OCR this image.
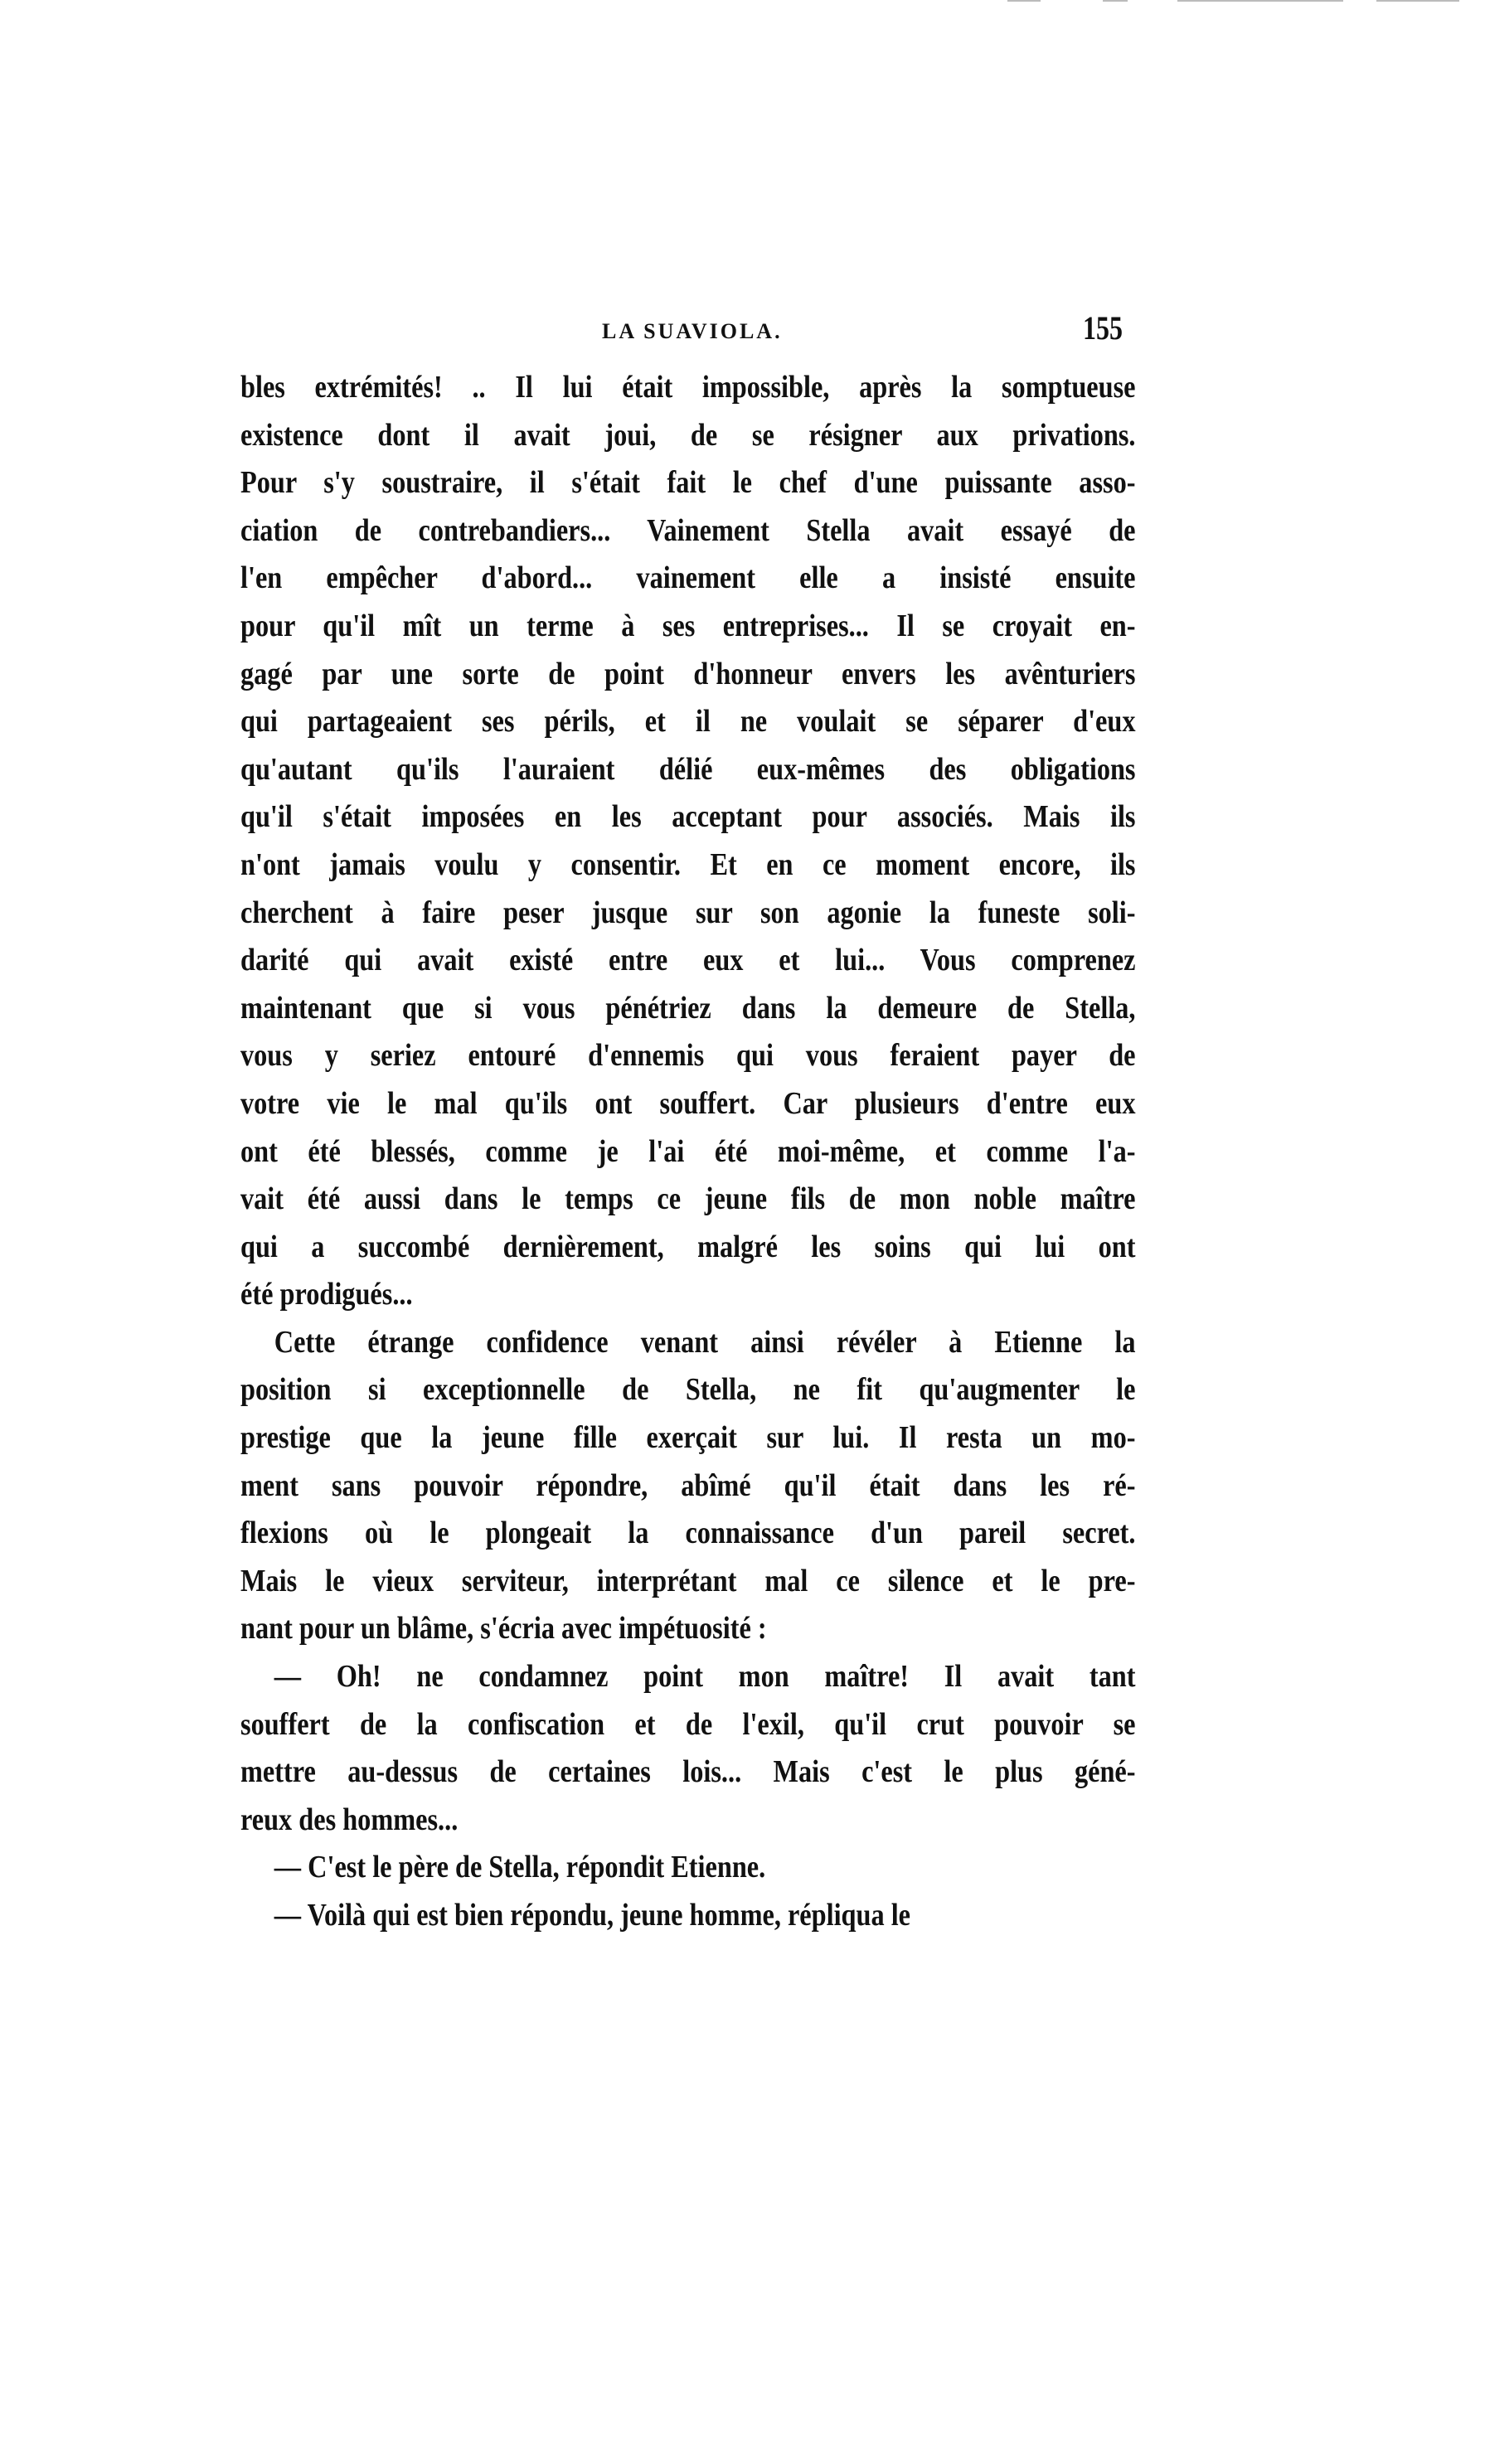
LA SUAVIOLA.	155
bles extrémités! .. Il lui était impossible, après la somptueuse
existence dont il avait joui, de se résigner aux privations.
Pour s'y soustraire, il s'était fait le chef d'une puissante asso-
ciation de contrebandiers... Vainement Stella avait essayé de
l'en empêcher d'abord... vainement elle a insisté ensuite
pour qu'il mît un terme à ses entreprises... Il se croyait en-
gagé par une sorte de point d'honneur envers les avênturiers
qui partageaient ses périls, et il ne voulait se séparer d'eux
qu'autant qu'ils l'auraient délié eux-mêmes des obligations
qu'il s'était imposées en les acceptant pour associés. Mais ils
n'ont jamais voulu y consentir. Et en ce moment encore, ils
cherchent à faire peser jusque sur son agonie la funeste soli-
darité qui avait existé entre eux et lui... Vous comprenez
maintenant que si vous pénétriez dans la demeure de Stella,
vous y seriez entouré d'ennemis qui vous feraient payer de
votre vie le mal qu'ils ont souffert. Car plusieurs d'entre eux
ont été blessés, comme je l'ai été moi-même, et comme l'a-
vait été aussi dans le temps ce jeune fils de mon noble maître
qui a succombé dernièrement, malgré les soins qui lui ont
été prodigués...
Cette étrange confidence venant ainsi révéler à Etienne la
position si exceptionnelle de Stella, ne fit qu'augmenter le
prestige que la jeune fille exerçait sur lui. Il resta un mo-
ment sans pouvoir répondre, abîmé qu'il était dans les ré-
flexions où le plongeait la connaissance d'un pareil secret.
Mais le vieux serviteur, interprétant mal ce silence et le pre-
nant pour un blâme, s'écria avec impétuosité :
— Oh! ne condamnez point mon maître! Il avait tant
souffert de la confiscation et de l'exil, qu'il crut pouvoir se
mettre au-dessus de certaines lois... Mais c'est le plus géné-
reux des hommes...
— C'est le père de Stella, répondit Etienne.
— Voilà qui est bien répondu, jeune homme, répliqua le
